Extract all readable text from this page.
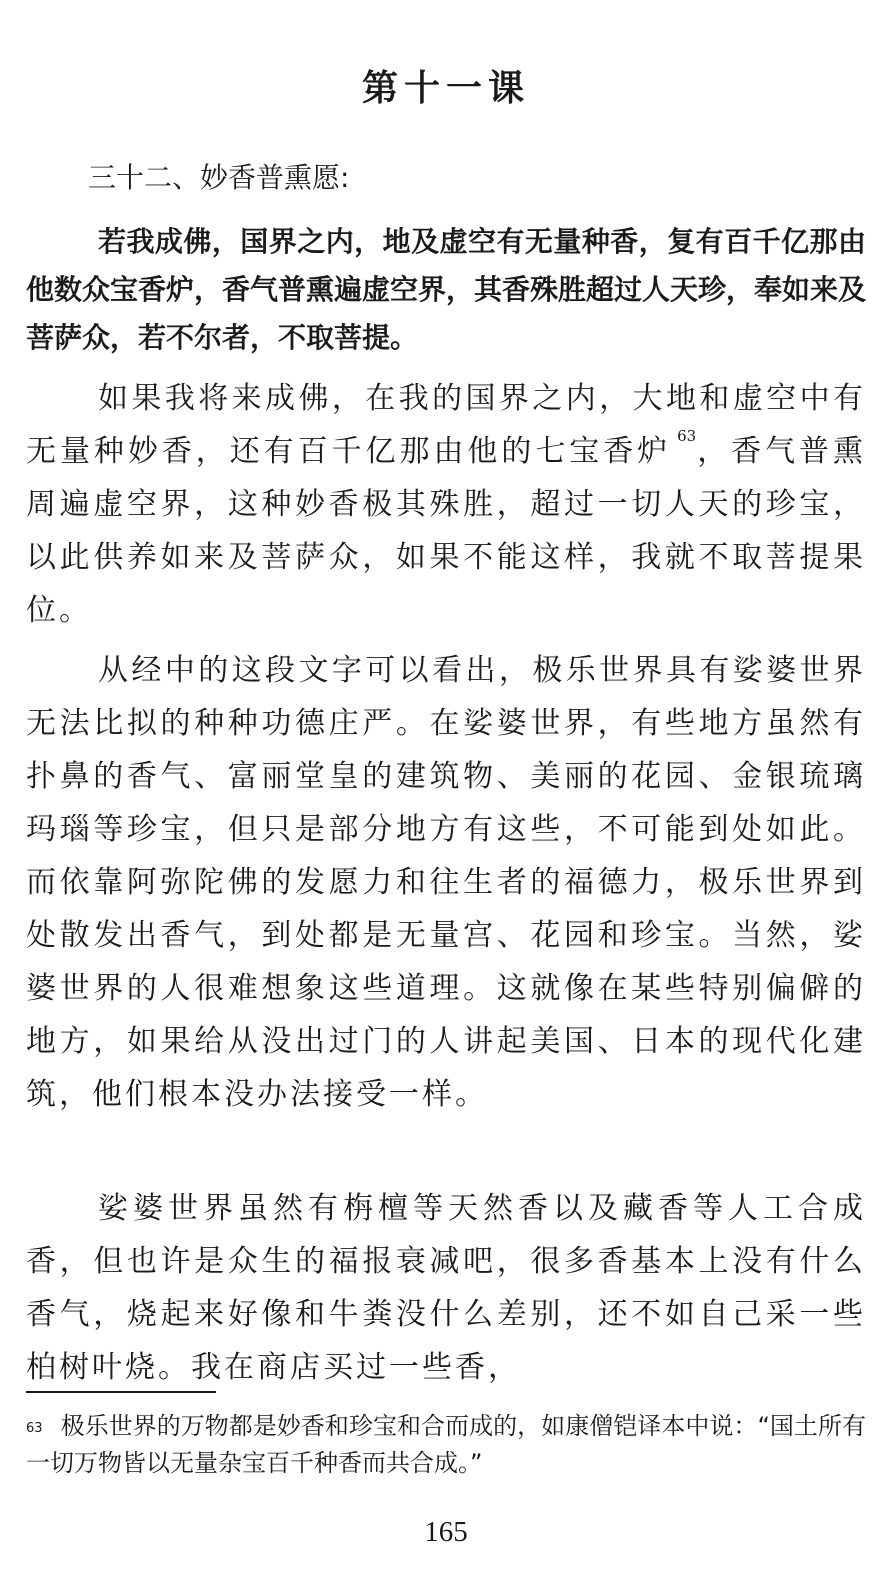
第十一课

三十二、妙香普熏愿:

若我成佛，国界之内，地及虚空有无量种香，复有百千亿那由他数众宝香炉，香气普熏遍虚空界，其香殊胜超过人天珍，奉如来及菩萨众，若不尔者，不取菩提。

如果我将来成佛，在我的国界之内，大地和虚空中有无量种妙香，还有百千亿那由他的七宝香炉 $^{63}$，香气普熏周遍虚空界，这种妙香极其殊胜，超过一切人天的珍宝，以此供养如来及菩萨众，如果不能这样，我就不取菩提果位。

从经中的这段文字可以看出，极乐世界具有娑婆世界无法比拟的种种功德庄严。在娑婆世界，有些地方虽然有扑鼻的香气、富丽堂皇的建筑物、美丽的花园、金银琉璃玛瑙等珍宝，但只是部分地方有这些，不可能到处如此。而依靠阿弥陀佛的发愿力和往生者的福德力，极乐世界到处散发出香气，到处都是无量宫、花园和珍宝。当然，娑婆世界的人很难想象这些道理。这就像在某些特别偏僻的地方，如果给从没出过门的人讲起美国、日本的现代化建筑，他们根本没办法接受一样。

娑婆世界虽然有栴檀等天然香以及藏香等人工合成香，但也许是众生的福报衰减吧，很多香基本上没有什么香气，烧起来好像和牛粪没什么差别，还不如自己采一些柏树叶烧。我在商店买过一些香，

$^{63}$ 极乐世界的万物都是妙香和珍宝和合而成的，如康僧铠译本中说：“国土所有一切万物皆以无量杂宝百千种香而共合成。”

165
